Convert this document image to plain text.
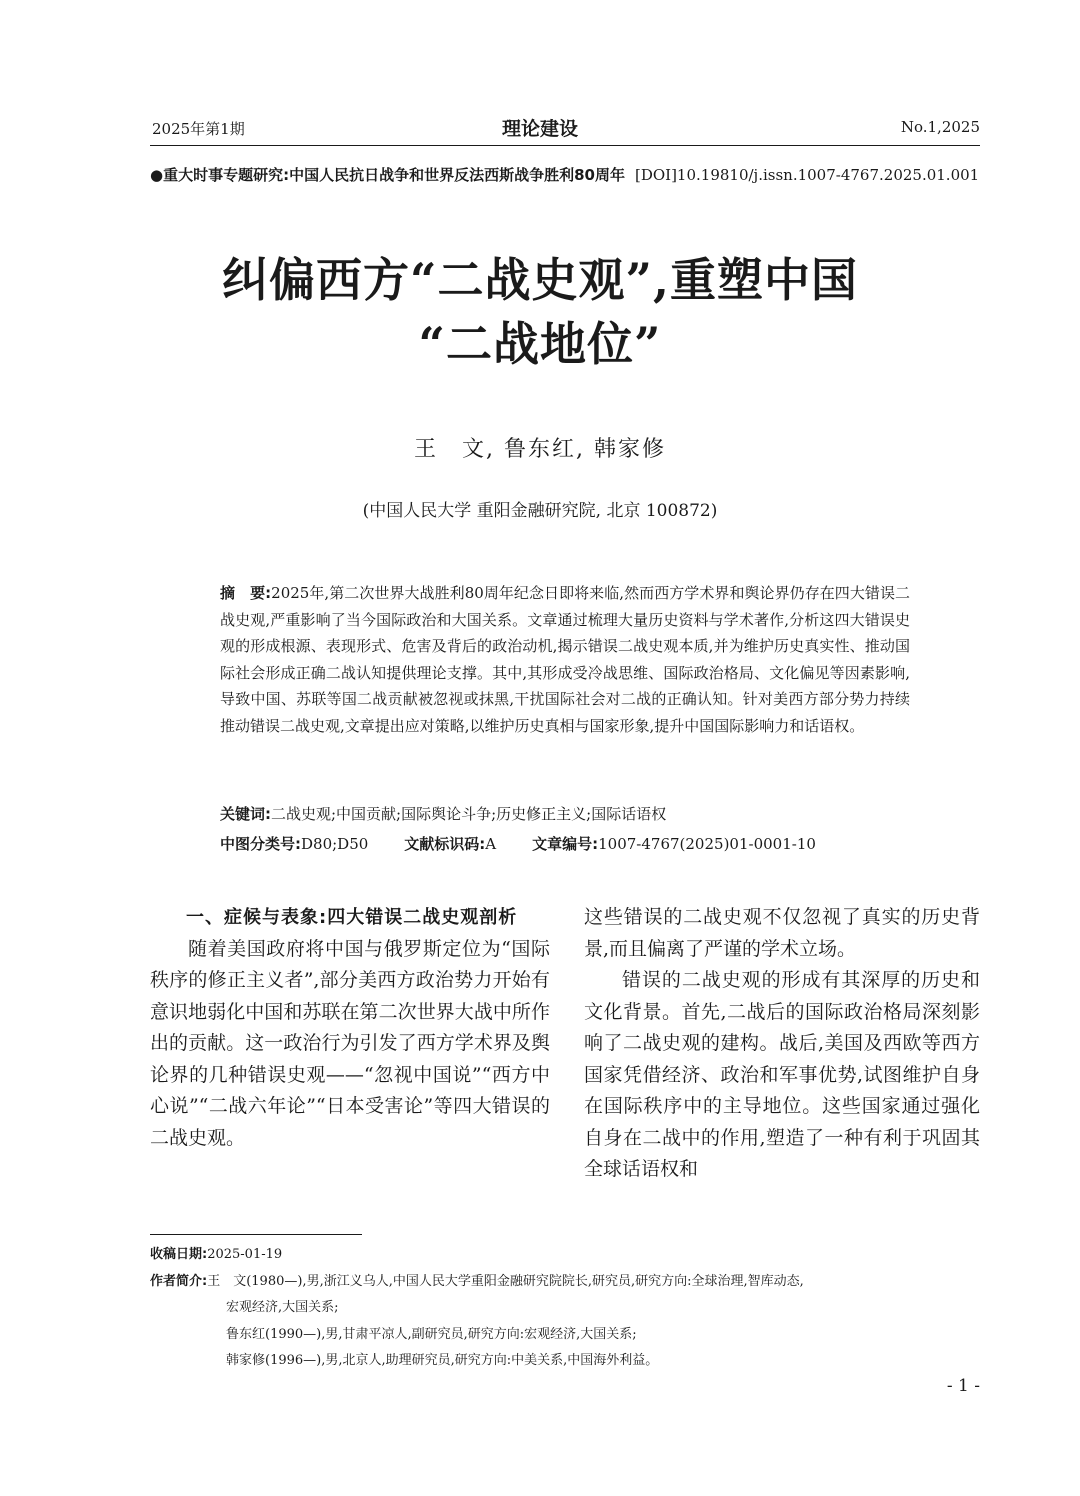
2025年第1期	理论建设	No.1,2025
●重大时事专题研究:中国人民抗日战争和世界反法西斯战争胜利80周年 [DOI]10.19810/j.issn.1007-4767.2025.01.001
纠偏西方“二战史观”,重塑中国
“二战地位”
王　文, 鲁东红, 韩家修
(中国人民大学 重阳金融研究院, 北京 100872)
摘　要:2025年,第二次世界大战胜利80周年纪念日即将来临,然而西方学术界和舆论界仍存在四大错误二战史观,严重影响了当今国际政治和大国关系。文章通过梳理大量历史资料与学术著作,分析这四大错误史观的形成根源、表现形式、危害及背后的政治动机,揭示错误二战史观本质,并为维护历史真实性、推动国际社会形成正确二战认知提供理论支撑。其中,其形成受冷战思维、国际政治格局、文化偏见等因素影响,导致中国、苏联等国二战贡献被忽视或抹黑,干扰国际社会对二战的正确认知。针对美西方部分势力持续推动错误二战史观,文章提出应对策略,以维护历史真相与国家形象,提升中国国际影响力和话语权。
关键词:二战史观;中国贡献;国际舆论斗争;历史修正主义;国际话语权
中图分类号:D80;D50 文献标识码:A 文章编号:1007-4767(2025)01-0001-10
一、症候与表象:四大错误二战史观剖析

随着美国政府将中国与俄罗斯定位为“国际秩序的修正主义者”,部分美西方政治势力开始有意识地弱化中国和苏联在第二次世界大战中所作出的贡献。这一政治行为引发了西方学术界及舆论界的几种错误史观——“忽视中国说”“西方中心说”“二战六年论”“日本受害论”等四大错误的二战史观。

这些错误的二战史观不仅忽视了真实的历史背景,而且偏离了严谨的学术立场。

错误的二战史观的形成有其深厚的历史和文化背景。首先,二战后的国际政治格局深刻影响了二战史观的建构。战后,美国及西欧等西方国家凭借经济、政治和军事优势,试图维护自身在国际秩序中的主导地位。这些国家通过强化自身在二战中的作用,塑造了一种有利于巩固其全球话语权和

收稿日期:2025-01-19
作者简介:王　文(1980—),男,浙江义乌人,中国人民大学重阳金融研究院院长,研究员,研究方向:全球治理,智库动态,
宏观经济,大国关系;
鲁东红(1990—),男,甘肃平凉人,副研究员,研究方向:宏观经济,大国关系;
韩家修(1996—),男,北京人,助理研究员,研究方向:中美关系,中国海外利益。
- 1 -
